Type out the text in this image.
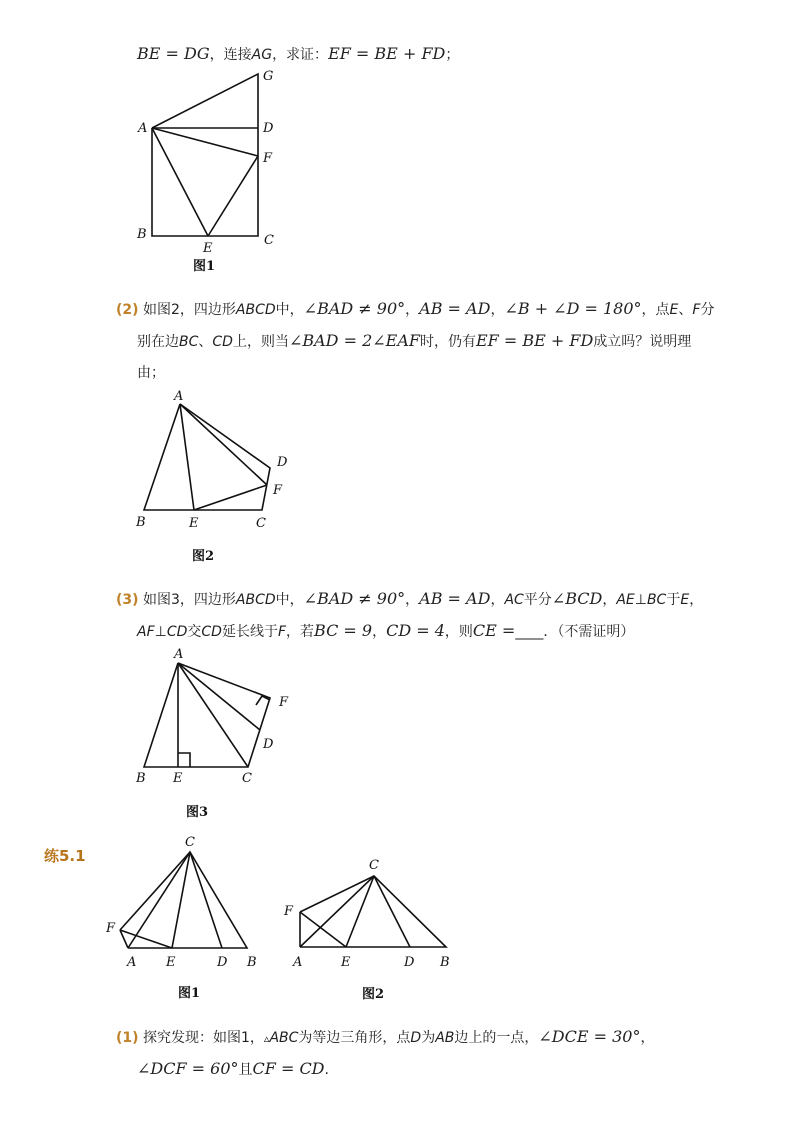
BE = DG，连接AG，求证：EF = BE + FD；
G
A	D
F
B
E
C
图1
(2) 如图2，四边形ABCD中，∠BAD ≠ 90°，AB = AD，∠B + ∠D = 180°，点E、F分
别在边BC、CD上，则当∠BAD = 2∠EAF时，仍有EF = BE + FD成立吗？说明理
由；
A
D
F
B	E	C
图2
(3) 如图3，四边形ABCD中，∠BAD ≠ 90°，AB = AD，AC平分∠BCD，AE⊥BC于E，
AF⊥CD交CD延长线于F，若BC = 9，CD = 4，则CE =____．（不需证明）
A
F
D
B E	C
图3
练5.1
C
F
A E	D B
图1
C
F
A	E	D B
图2
(1) 探究发现：如图1，▵ABC为等边三角形，点D为AB边上的一点，∠DCE = 30°，
∠DCF = 60°且CF = CD.
